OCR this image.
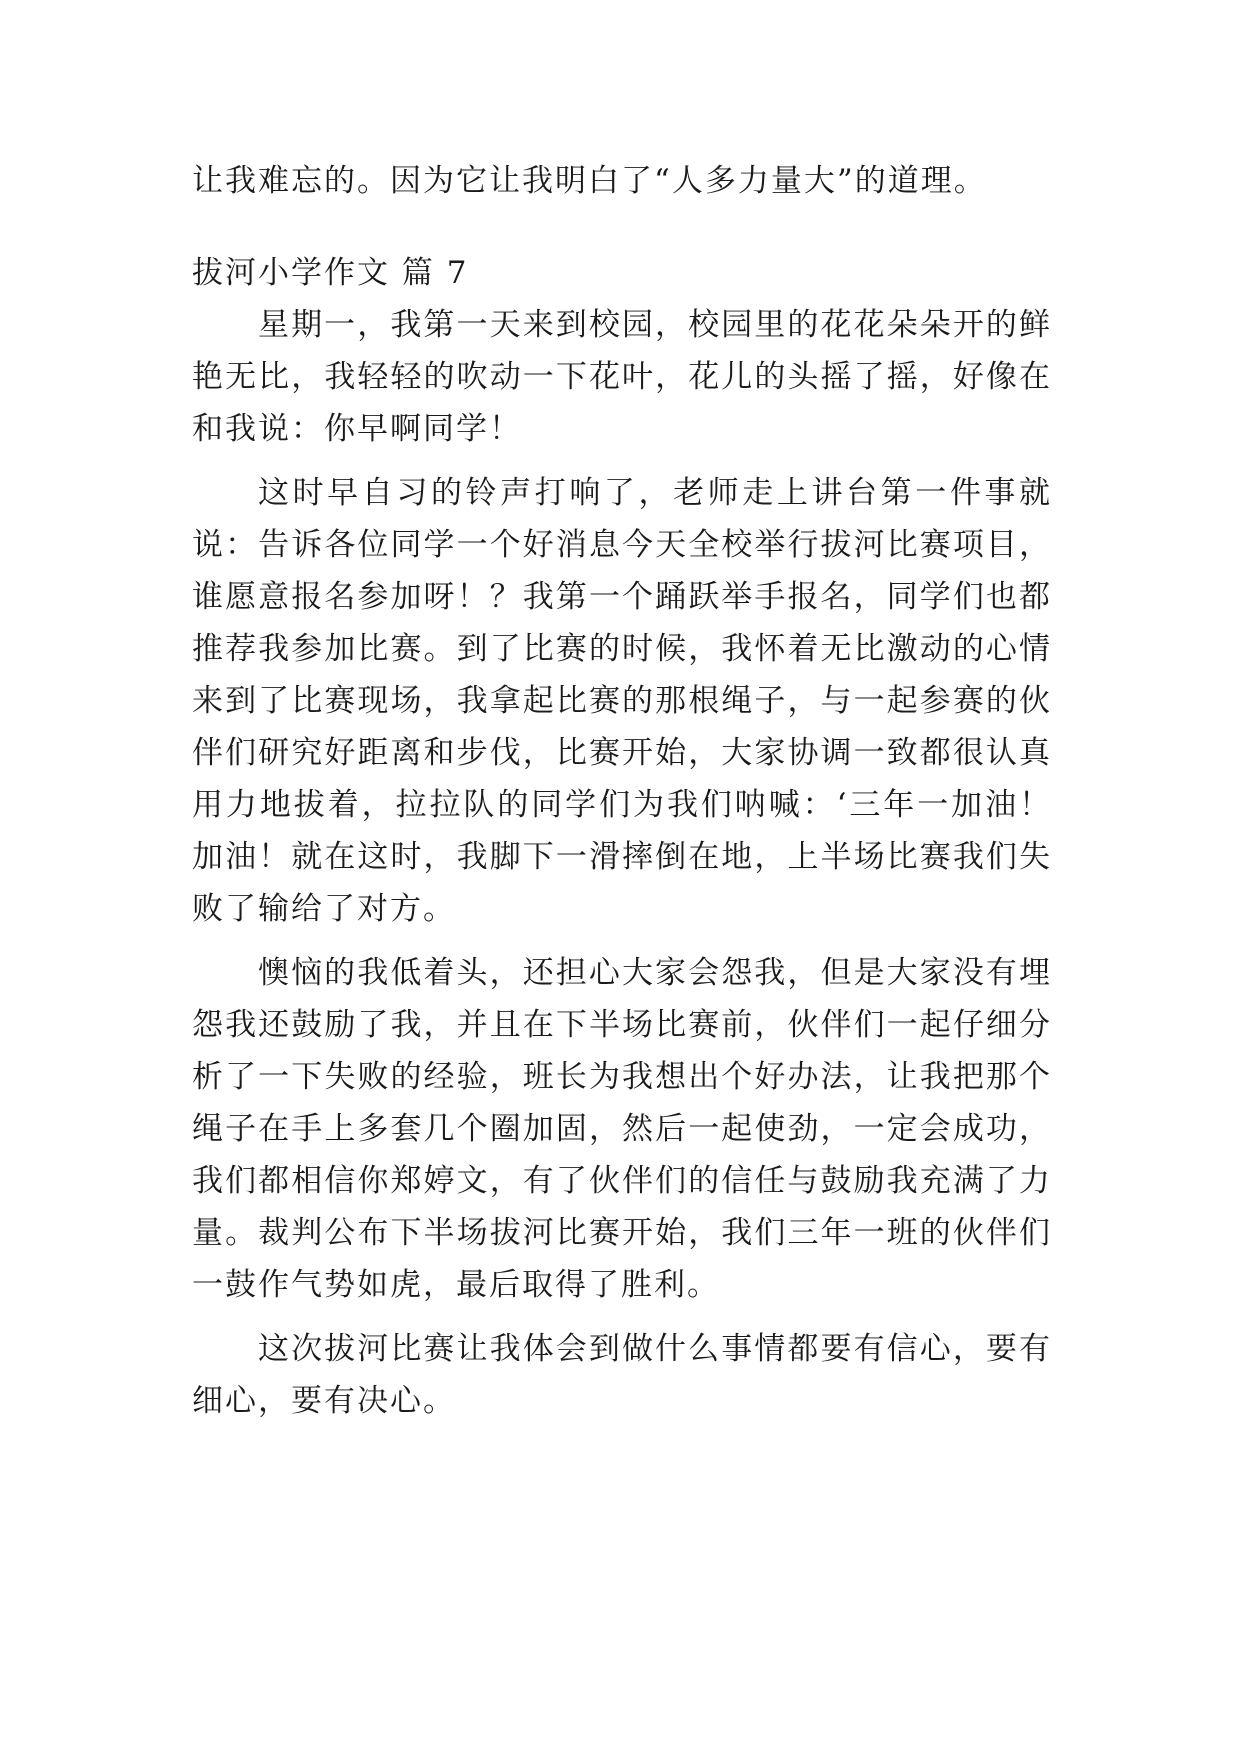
让我难忘的。因为它让我明白了“人多力量大”的道理。

拔河小学作文 篇 7

星期一，我第一天来到校园，校园里的花花朵朵开的鲜艳无比，我轻轻的吹动一下花叶，花儿的头摇了摇，好像在和我说：你早啊同学！

这时早自习的铃声打响了，老师走上讲台第一件事就说：告诉各位同学一个好消息今天全校举行拔河比赛项目，谁愿意报名参加呀！？我第一个踊跃举手报名，同学们也都推荐我参加比赛。到了比赛的时候，我怀着无比激动的心情来到了比赛现场，我拿起比赛的那根绳子，与一起参赛的伙伴们研究好距离和步伐，比赛开始，大家协调一致都很认真用力地拔着，拉拉队的同学们为我们呐喊：‘三年一加油！加油！就在这时，我脚下一滑摔倒在地，上半场比赛我们失败了输给了对方。

懊恼的我低着头，还担心大家会怨我，但是大家没有埋怨我还鼓励了我，并且在下半场比赛前，伙伴们一起仔细分析了一下失败的经验，班长为我想出个好办法，让我把那个绳子在手上多套几个圈加固，然后一起使劲，一定会成功，我们都相信你郑婷文，有了伙伴们的信任与鼓励我充满了力量。裁判公布下半场拔河比赛开始，我们三年一班的伙伴们一鼓作气势如虎，最后取得了胜利。

这次拔河比赛让我体会到做什么事情都要有信心，要有细心，要有决心。
